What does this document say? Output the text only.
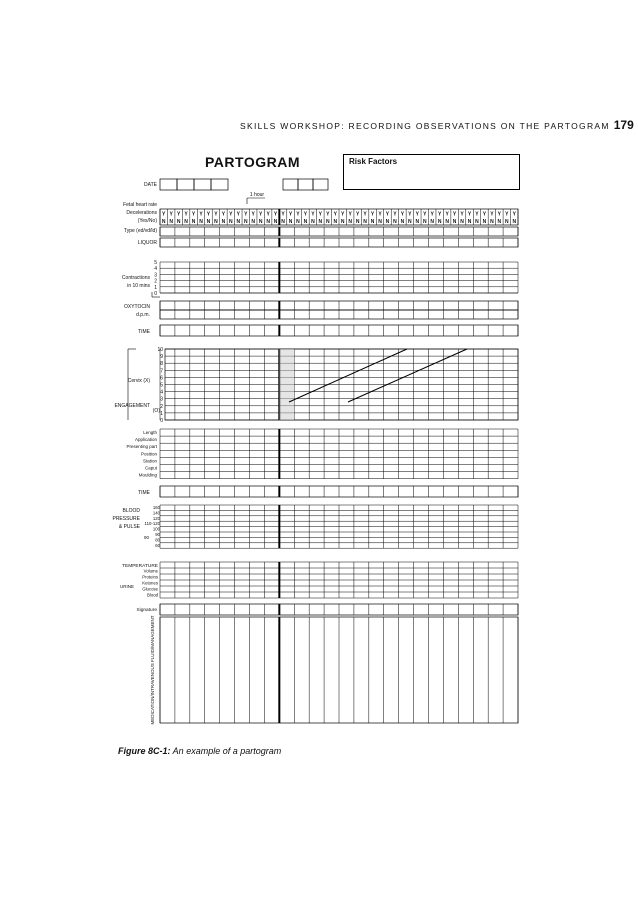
SKILLS WORKSHOP: RECORDING OBSERVATIONS ON THE PARTOGRAM 179
PARTOGRAM	Risk Factors
DATE
1 hour
Fetal heart rate
Decelerations
(Yes/No)
Y
N
Y
N
Y
N
Y
N
Y
N
Y
N
Y
N
Y
N
Y
N
Y
N
Y
N
Y
N
Y
N
Y
N
Y
N
Y
N
Y
N
Y
N
Y
N
Y
N
Y
N
Y
N
Y
N
Y
N
Y
N
Y
N
Y
N
Y
N
Y
N
Y
N
Y
N
Y
N
Y
N
Y
N
Y
N
Y
N
Y
N
Y
N
Y
N
Y
N
Y
N
Y
N
Y
N
Y
N
Y
N
Y
N
Y
N
Y
N
Type (ed/vd/ld)
LIQUOR
5
4
3
2
1
0
Contractions
in 10 mins
OXYTOCIN
d.p.m.
TIME
10
9
8
7
6
5
4
3
2
1
0
Cervix (X)
ENGAGEMENT
(O)
Length
Application
Presenting part
Position
Station
Caput
Moulding
TIME
160
140
120
110-120
100
90
80
60
BLOOD
PRESSURE
& PULSE
90
TEMPERATURE
Volume
Proteins
Ketones
Glucose
Blood
URINE
Signature
MEDICATION/INTRAVENOUS FLUID/MANAGEMENT
Figure 8C-1: An example of a partogram
